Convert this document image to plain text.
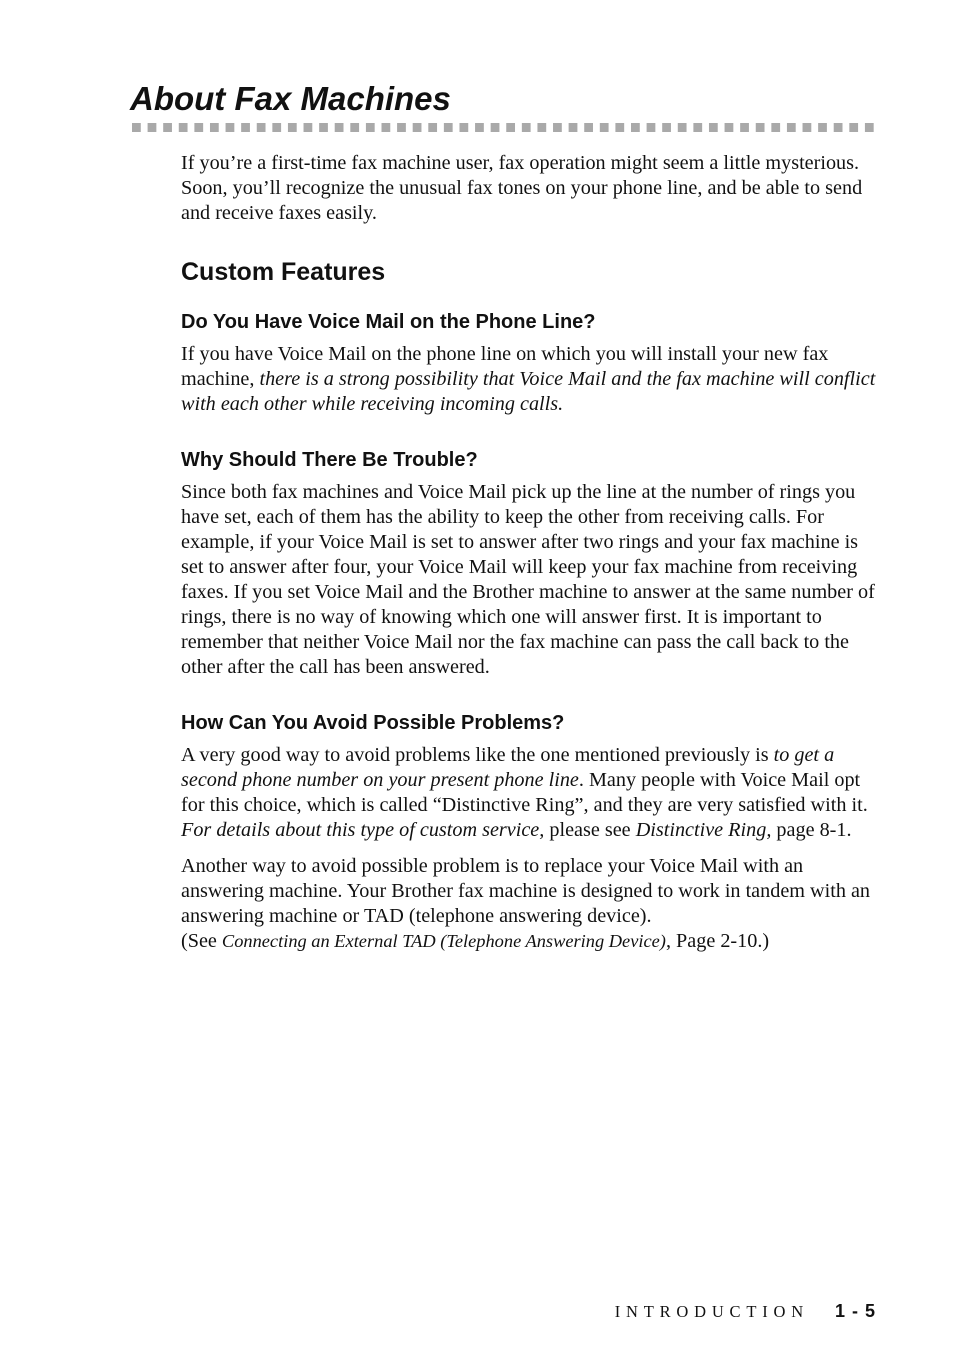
About Fax Machines

If you’re a first-time fax machine user, fax operation might seem a little mysterious. Soon, you’ll recognize the unusual fax tones on your phone line, and be able to send and receive faxes easily.

Custom Features
Do You Have Voice Mail on the Phone Line?

If you have Voice Mail on the phone line on which you will install your new fax machine, there is a strong possibility that Voice Mail and the fax machine will conflict with each other while receiving incoming calls.

Why Should There Be Trouble?

Since both fax machines and Voice Mail pick up the line at the number of rings you have set, each of them has the ability to keep the other from receiving calls. For example, if your Voice Mail is set to answer after two rings and your fax machine is set to answer after four, your Voice Mail will keep your fax machine from receiving faxes. If you set Voice Mail and the Brother machine to answer at the same number of rings, there is no way of knowing which one will answer first. It is important to remember that neither Voice Mail nor the fax machine can pass the call back to the other after the call has been answered.

How Can You Avoid Possible Problems?

A very good way to avoid problems like the one mentioned previously is to get a second phone number on your present phone line. Many people with Voice Mail opt for this choice, which is called “Distinctive Ring”, and they are very satisfied with it. For details about this type of custom service, please see Distinctive Ring, page 8-1.

Another way to avoid possible problem is to replace your Voice Mail with an answering machine. Your Brother fax machine is designed to work in tandem with an answering machine or TAD (telephone answering device).
(See Connecting an External TAD (Telephone Answering Device), Page 2-10.)

INTRODUCTION 1 - 5
